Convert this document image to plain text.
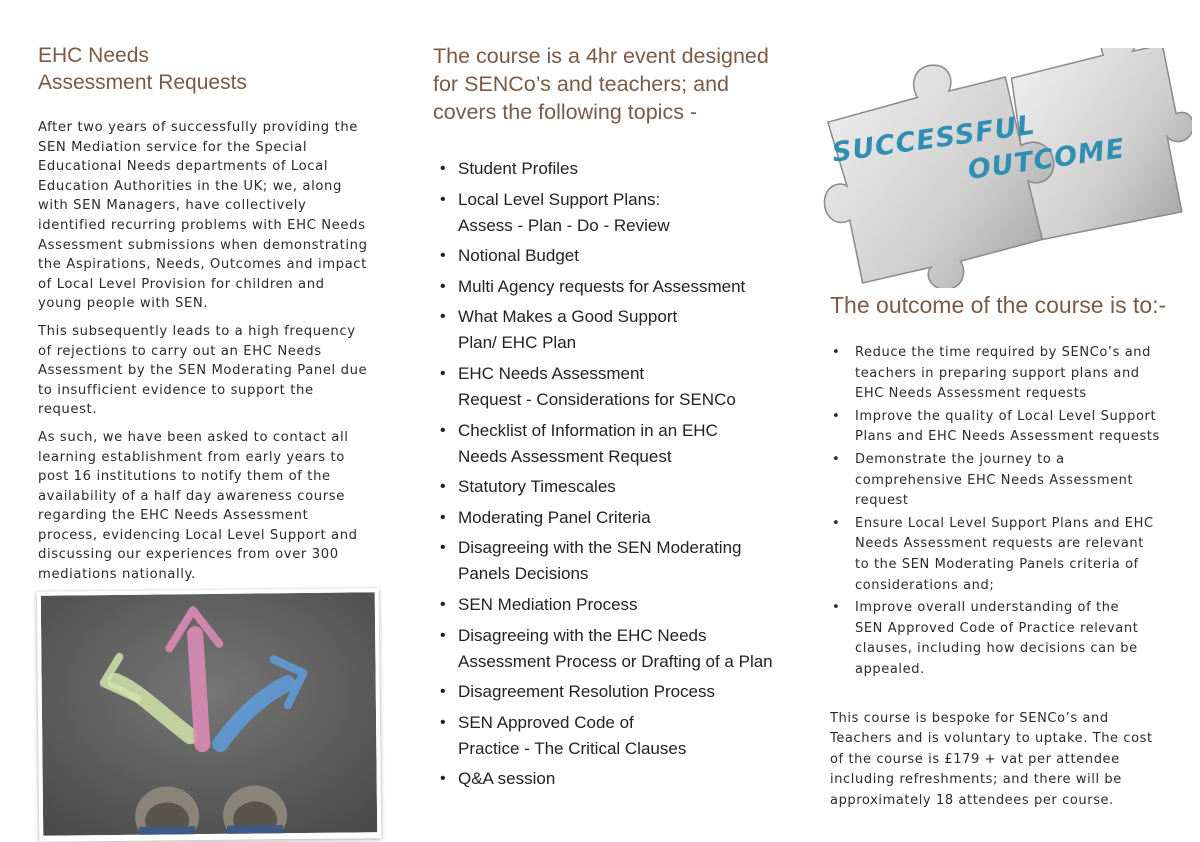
EHC Needs
Assessment Requests

After two years of successfully providing the SEN Mediation service for the Special Educational Needs departments of Local Education Authorities in the UK; we, along with SEN Managers, have collectively identified recurring problems with EHC Needs Assessment submissions when demonstrating the Aspirations, Needs, Outcomes and impact of Local Level Provision for children and young people with SEN.

This subsequently leads to a high frequency of rejections to carry out an EHC Needs Assessment by the SEN Moderating Panel due to insufficient evidence to support the request.

As such, we have been asked to contact all learning establishment from early years to post 16 institutions to notify them of the availability of a half day awareness course regarding the EHC Needs Assessment process, evidencing Local Level Support and discussing our experiences from over 300 mediations nationally.

The course is a 4hr event designed
for SENCo’s and teachers; and
covers the following topics -
• Student Profiles
• Local Level Support Plans:
Assess - Plan - Do - Review
• Notional Budget
• Multi Agency requests for Assessment
• What Makes a Good Support
Plan/ EHC Plan
• EHC Needs Assessment
Request - Considerations for SENCo
• Checklist of Information in an EHC
Needs Assessment Request
• Statutory Timescales
• Moderating Panel Criteria
• Disagreeing with the SEN Moderating
Panels Decisions
• SEN Mediation Process
• Disagreeing with the EHC Needs
Assessment Process or Drafting of a Plan
• Disagreement Resolution Process
• SEN Approved Code of
Practice - The Critical Clauses
• Q&A session
SUCCESSFUL
OUTCOME
The outcome of the course is to:-
• Reduce the time required by SENCo’s and
teachers in preparing support plans and
EHC Needs Assessment requests
• Improve the quality of Local Level Support
Plans and EHC Needs Assessment requests
• Demonstrate the journey to a
comprehensive EHC Needs Assessment
request
• Ensure Local Level Support Plans and EHC
Needs Assessment requests are relevant
to the SEN Moderating Panels criteria of
considerations and;
• Improve overall understanding of the
SEN Approved Code of Practice relevant
clauses, including how decisions can be
appealed.

This course is bespoke for SENCo’s and
Teachers and is voluntary to uptake. The cost
of the course is £179 + vat per attendee
including refreshments; and there will be
approximately 18 attendees per course.
